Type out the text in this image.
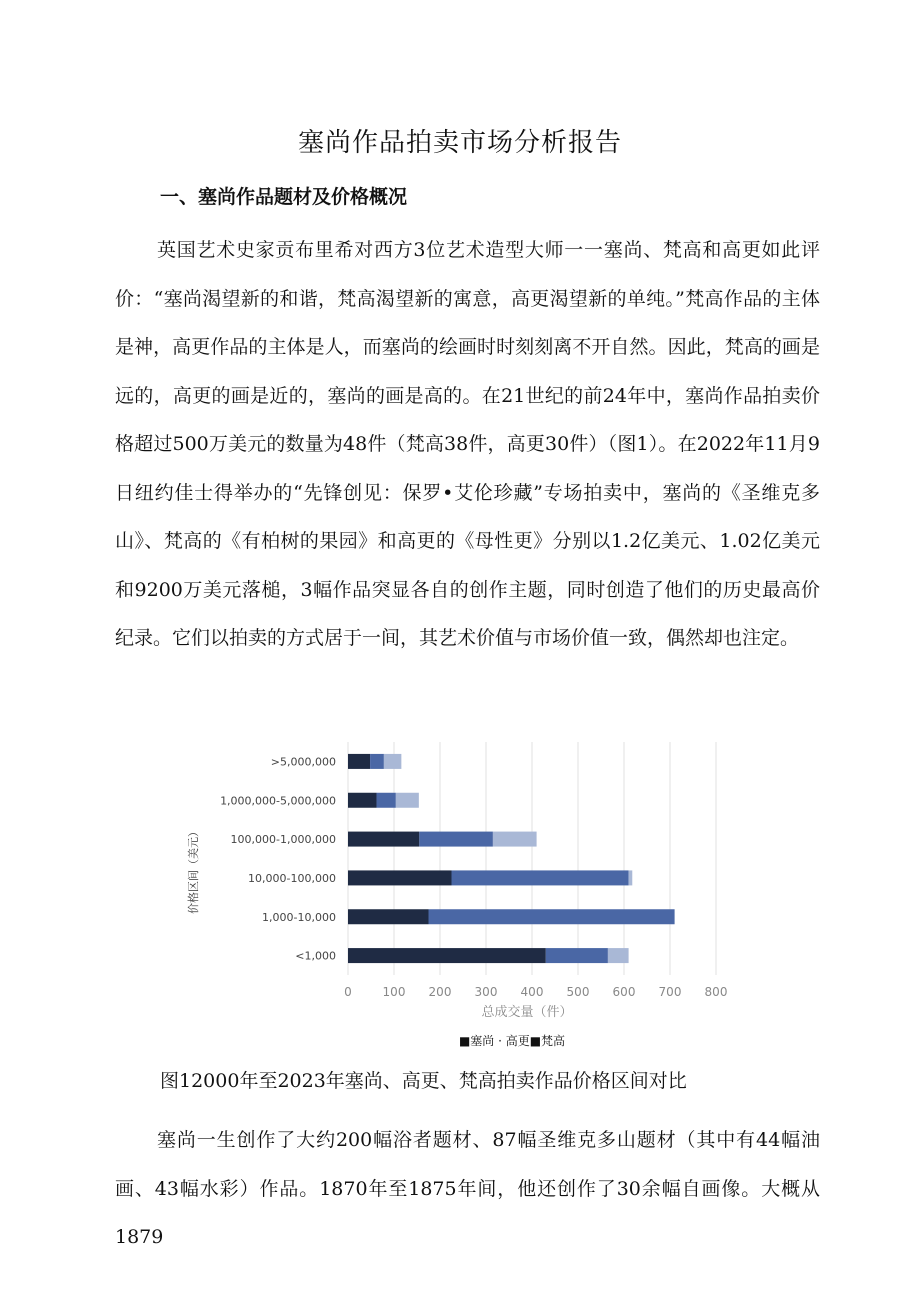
塞尚作品拍卖市场分析报告
一、塞尚作品题材及价格概况

英国艺术史家贡布里希对西方3位艺术造型大师一一塞尚、梵高和高更如此评价：“塞尚渴望新的和谐，梵高渴望新的寓意，高更渴望新的单纯。”梵高作品的主体是神，高更作品的主体是人，而塞尚的绘画时时刻刻离不开自然。因此，梵高的画是远的，高更的画是近的，塞尚的画是高的。在21世纪的前24年中，塞尚作品拍卖价格超过500万美元的数量为48件（梵高38件，高更30件）（图1）。在2022年11月9日纽约佳士得举办的“先锋创见：保罗•艾伦珍藏”专场拍卖中，塞尚的《圣维克多山》、梵高的《有柏树的果园》和高更的《母性更》分别以1.2亿美元、1.02亿美元和9200万美元落槌，3幅作品突显各自的创作主题，同时创造了他们的历史最高价纪录。它们以拍卖的方式居于一间，其艺术价值与市场价值一致，偶然却也注定。

<1,000
1,000-10,000
10,000-100,000
100,000-1,000,000
1,000,000-5,000,000
>5,000,000
0	100 200 300 400 500 600 700 800
总成交量（件）
价格区间（美元）
■塞尚 · 高更■梵高
图12000年至2023年塞尚、高更、梵高拍卖作品价格区间对比

塞尚一生创作了大约200幅浴者题材、87幅圣维克多山题材（其中有44幅油画、43幅水彩）作品。1870年至1875年间，他还创作了30余幅自画像。大概从1879
